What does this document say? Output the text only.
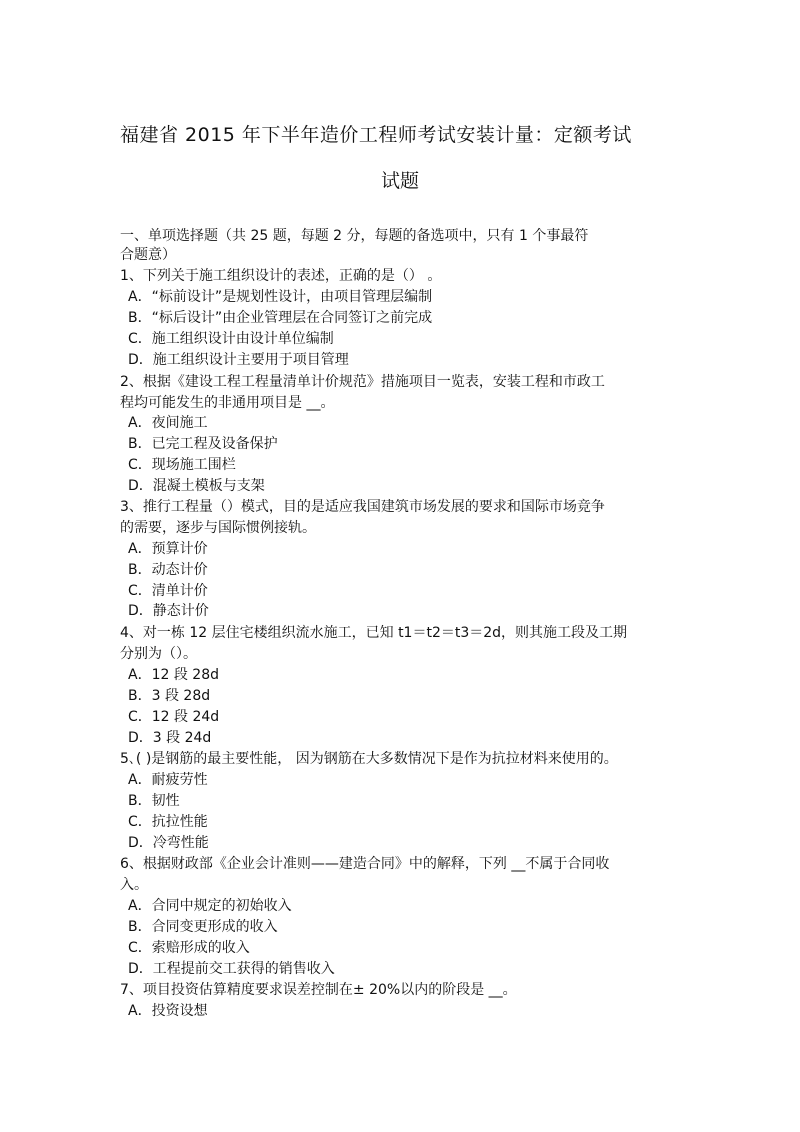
福建省 2015 年下半年造价工程师考试安装计量：定额考试
试题
一、单项选择题（共 25 题，每题 2 分，每题的备选项中，只有 1 个事最符
合题意）
1、下列关于施工组织设计的表述，正确的是（） 。
A．“标前设计”是规划性设计，由项目管理层编制
B．“标后设计”由企业管理层在合同签订之前完成
C．施工组织设计由设计单位编制
D．施工组织设计主要用于项目管理
2、根据《建设工程工程量清单计价规范》措施项目一览表，安装工程和市政工
程均可能发生的非通用项目是 __。
A．夜间施工
B．已完工程及设备保护
C．现场施工围栏
D．混凝土模板与支架
3、推行工程量（）模式，目的是适应我国建筑市场发展的要求和国际市场竞争
的需要，逐步与国际惯例接轨。
A．预算计价
B．动态计价
C．清单计价
D．静态计价
4、对一栋 12 层住宅楼组织流水施工，已知 t1＝t2＝t3＝2d，则其施工段及工期
分别为（）。
A．12 段 28d
B．3 段 28d
C．12 段 24d
D．3 段 24d
5､( )是钢筋的最主要性能， 因为钢筋在大多数情况下是作为抗拉材料来使用的。
A．耐疲劳性
B．韧性
C．抗拉性能
D．冷弯性能
6、根据财政部《企业会计准则——建造合同》中的解释，下列 __不属于合同收
入。
A．合同中规定的初始收入
B．合同变更形成的收入
C．索赔形成的收入
D．工程提前交工获得的销售收入
7、项目投资估算精度要求误差控制在± 20%以内的阶段是 __。
A．投资设想
